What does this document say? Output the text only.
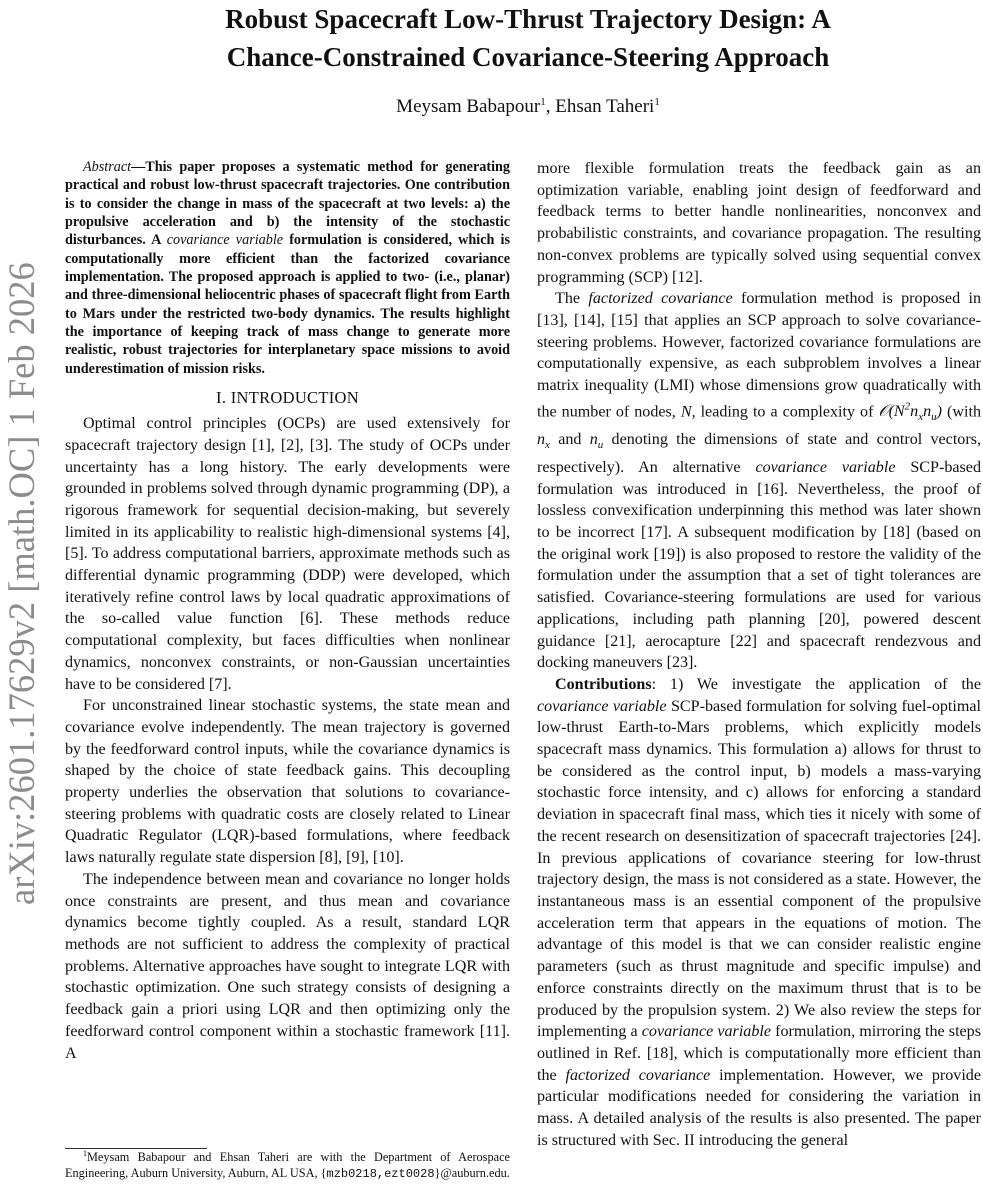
arXiv:2601.17629v2 [math.OC] 1 Feb 2026
Robust Spacecraft Low-Thrust Trajectory Design: A
Chance-Constrained Covariance-Steering Approach
Meysam Babapour$^1$, Ehsan Taheri$^1$

Abstract—This paper proposes a systematic method for generating practical and robust low-thrust spacecraft trajectories. One contribution is to consider the change in mass of the spacecraft at two levels: a) the propulsive acceleration and b) the intensity of the stochastic disturbances. A covariance variable formulation is considered, which is computationally more efficient than the factorized covariance implementation. The proposed approach is applied to two- (i.e., planar) and three-dimensional heliocentric phases of spacecraft flight from Earth to Mars under the restricted two-body dynamics. The results highlight the importance of keeping track of mass change to generate more realistic, robust trajectories for interplanetary space missions to avoid underestimation of mission risks.

I. INTRODUCTION

Optimal control principles (OCPs) are used extensively for spacecraft trajectory design [1], [2], [3]. The study of OCPs under uncertainty has a long history. The early developments were grounded in problems solved through dynamic programming (DP), a rigorous framework for sequential decision-making, but severely limited in its applicability to realistic high-dimensional systems [4], [5]. To address computational barriers, approximate methods such as differential dynamic programming (DDP) were developed, which iteratively refine control laws by local quadratic approximations of the so-called value function [6]. These methods reduce computational complexity, but faces difficulties when nonlinear dynamics, nonconvex constraints, or non-Gaussian uncertainties have to be considered [7].

For unconstrained linear stochastic systems, the state mean and covariance evolve independently. The mean trajectory is governed by the feedforward control inputs, while the covariance dynamics is shaped by the choice of state feedback gains. This decoupling property underlies the observation that solutions to covariance-steering problems with quadratic costs are closely related to Linear Quadratic Regulator (LQR)-based formulations, where feedback laws naturally regulate state dispersion [8], [9], [10].

The independence between mean and covariance no longer holds once constraints are present, and thus mean and covariance dynamics become tightly coupled. As a result, standard LQR methods are not sufficient to address the complexity of practical problems. Alternative approaches have sought to integrate LQR with stochastic optimization. One such strategy consists of designing a feedback gain a priori using LQR and then optimizing only the feedforward control component within a stochastic framework [11]. A

$^1$Meysam Babapour and Ehsan Taheri are with the Department of Aerospace Engineering, Auburn University, Auburn, AL USA, {mzb0218,ezt0028}@auburn.edu.

more flexible formulation treats the feedback gain as an optimization variable, enabling joint design of feedforward and feedback terms to better handle nonlinearities, nonconvex and probabilistic constraints, and covariance propagation. The resulting non-convex problems are typically solved using sequential convex programming (SCP) [12].

The factorized covariance formulation method is proposed in [13], [14], [15] that applies an SCP approach to solve covariance-steering problems. However, factorized covariance formulations are computationally expensive, as each subproblem involves a linear matrix inequality (LMI) whose dimensions grow quadratically with the number of nodes, N, leading to a complexity of $𝒪(N^2n_xn_u)$ (with $n_x$ and $n_u$ denoting the dimensions of state and control vectors, respectively). An alternative covariance variable SCP-based formulation was introduced in [16]. Nevertheless, the proof of lossless convexification underpinning this method was later shown to be incorrect [17]. A subsequent modification by [18] (based on the original work [19]) is also proposed to restore the validity of the formulation under the assumption that a set of tight tolerances are satisfied. Covariance-steering formulations are used for various applications, including path planning [20], powered descent guidance [21], aerocapture [22] and spacecraft rendezvous and docking maneuvers [23].

Contributions: 1) We investigate the application of the covariance variable SCP-based formulation for solving fuel-optimal low-thrust Earth-to-Mars problems, which explicitly models spacecraft mass dynamics. This formulation a) allows for thrust to be considered as the control input, b) models a mass-varying stochastic force intensity, and c) allows for enforcing a standard deviation in spacecraft final mass, which ties it nicely with some of the recent research on desensitization of spacecraft trajectories [24]. In previous applications of covariance steering for low-thrust trajectory design, the mass is not considered as a state. However, the instantaneous mass is an essential component of the propulsive acceleration term that appears in the equations of motion. The advantage of this model is that we can consider realistic engine parameters (such as thrust magnitude and specific impulse) and enforce constraints directly on the maximum thrust that is to be produced by the propulsion system. 2) We also review the steps for implementing a covariance variable formulation, mirroring the steps outlined in Ref. [18], which is computationally more efficient than the factorized covariance implementation. However, we provide particular modifications needed for considering the variation in mass. A detailed analysis of the results is also presented. The paper is structured with Sec. II introducing the general
